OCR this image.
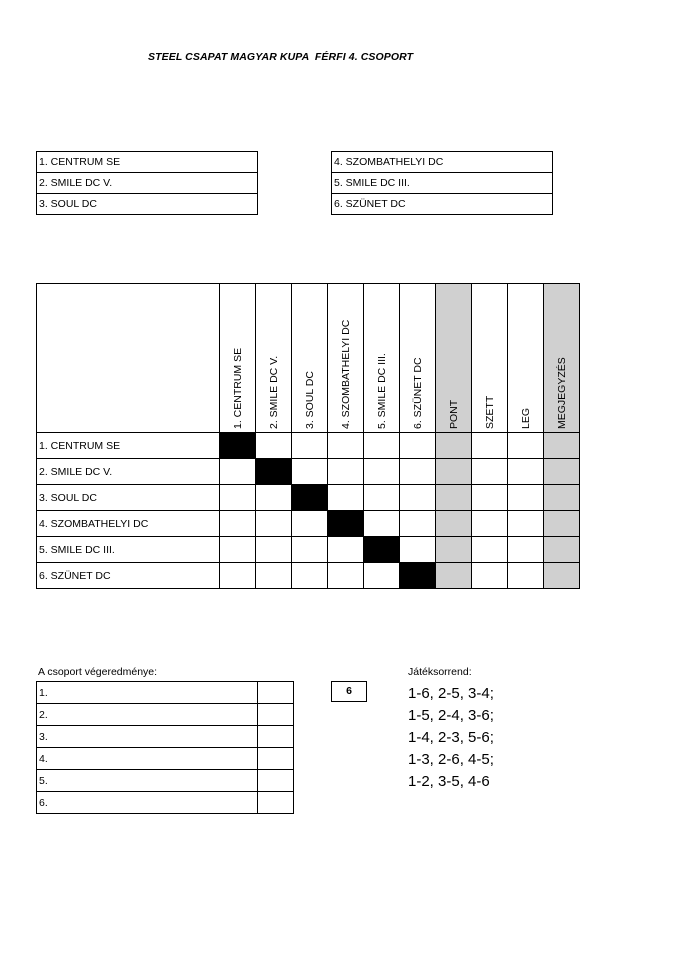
STEEL CSAPAT MAGYAR KUPA  FÉRFI 4. CSOPORT
1. CENTRUM SE
2. SMILE DC V.
3. SOUL DC
4. SZOMBATHELYI DC
5. SMILE DC III.
6. SZÜNET DC

	1. CENTRUM SE	2. SMILE DC V.	3. SOUL DC	4. SZOMBATHELYI DC	5. SMILE DC III.	6. SZÜNET DC	PONT	SZETT	LEG	MEGJEGYZÉS

1. CENTRUM SE										
2. SMILE DC V.										
3. SOUL DC										
4. SZOMBATHELYI DC										
5. SMILE DC III.										
6. SZÜNET DC										
A csoport végeredménye:
1.	
2.	
3.	
4.	
5.	
6.	
6
Játéksorrend:
1-6, 2-5, 3-4;
1-5, 2-4, 3-6;
1-4, 2-3, 5-6;
1-3, 2-6, 4-5;
1-2, 3-5, 4-6
